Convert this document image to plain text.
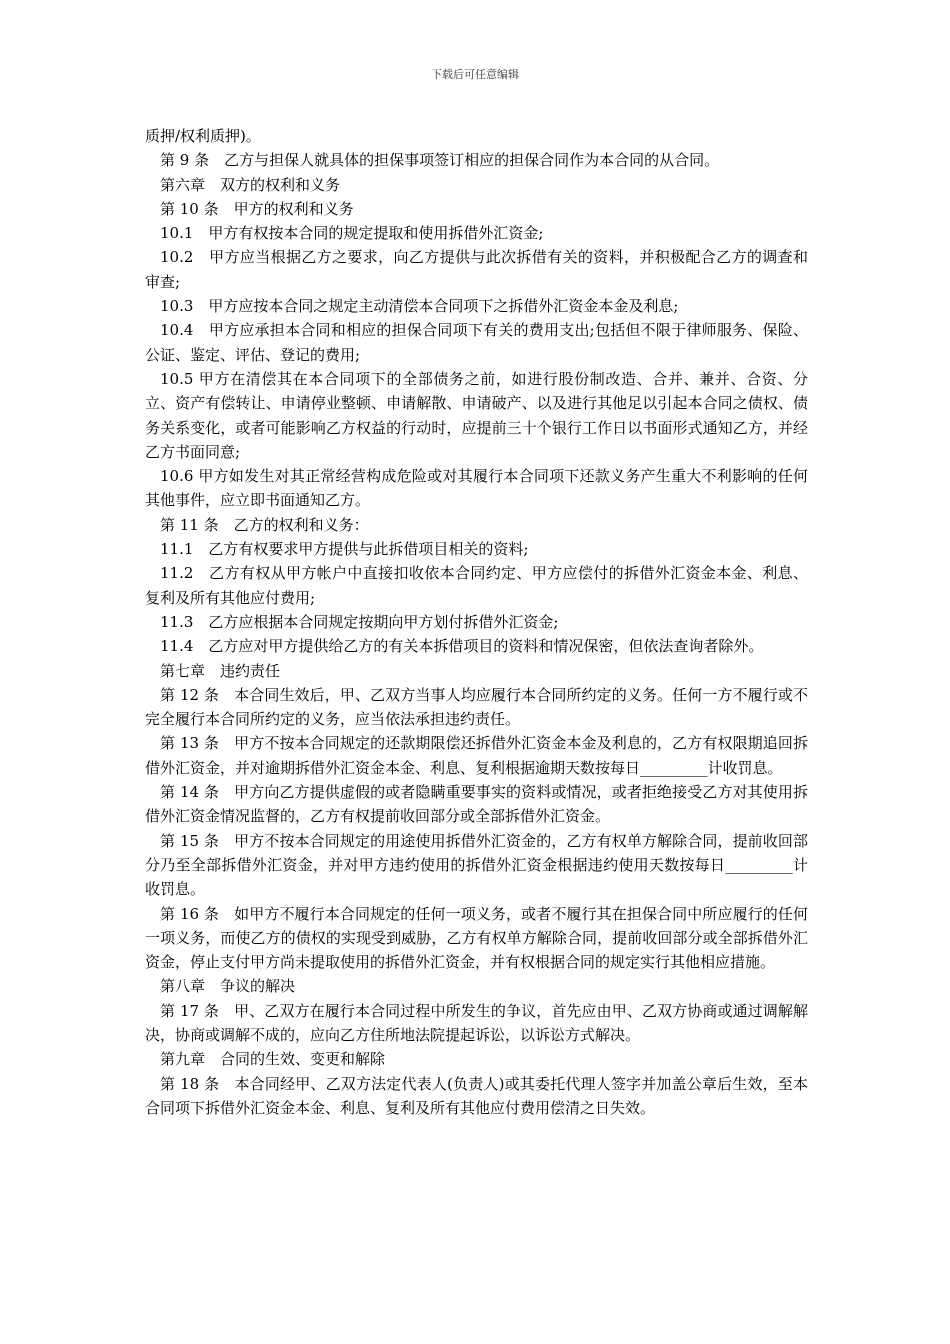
下载后可任意编辑

质押/权利质押)。

第 9 条　乙方与担保人就具体的担保事项签订相应的担保合同作为本合同的从合同。

第六章　双方的权利和义务

第 10 条　甲方的权利和义务

10.1　甲方有权按本合同的规定提取和使用拆借外汇资金;

10.2　甲方应当根据乙方之要求，向乙方提供与此次拆借有关的资料，并积极配合乙方的调查和审查;

10.3　甲方应按本合同之规定主动清偿本合同项下之拆借外汇资金本金及利息;

10.4　甲方应承担本合同和相应的担保合同项下有关的费用支出;包括但不限于律师服务、保险、公证、鉴定、评估、登记的费用;

10.5 甲方在清偿其在本合同项下的全部债务之前，如进行股份制改造、合并、兼并、合资、分立、资产有偿转让、申请停业整顿、申请解散、申请破产、以及进行其他足以引起本合同之债权、债务关系变化，或者可能影响乙方权益的行动时，应提前三十个银行工作日以书面形式通知乙方，并经乙方书面同意;

10.6 甲方如发生对其正常经营构成危险或对其履行本合同项下还款义务产生重大不利影响的任何其他事件，应立即书面通知乙方。

第 11 条　乙方的权利和义务：

11.1　乙方有权要求甲方提供与此拆借项目相关的资料;

11.2　乙方有权从甲方帐户中直接扣收依本合同约定、甲方应偿付的拆借外汇资金本金、利息、复利及所有其他应付费用;

11.3　乙方应根据本合同规定按期向甲方划付拆借外汇资金;

11.4　乙方应对甲方提供给乙方的有关本拆借项目的资料和情况保密，但依法查询者除外。

第七章　违约责任

第 12 条　本合同生效后，甲、乙双方当事人均应履行本合同所约定的义务。任何一方不履行或不完全履行本合同所约定的义务，应当依法承担违约责任。

第 13 条　甲方不按本合同规定的还款期限偿还拆借外汇资金本金及利息的，乙方有权限期追回拆借外汇资金，并对逾期拆借外汇资金本金、利息、复利根据逾期天数按每日_________计收罚息。

第 14 条　甲方向乙方提供虚假的或者隐瞒重要事实的资料或情况，或者拒绝接受乙方对其使用拆借外汇资金情况监督的，乙方有权提前收回部分或全部拆借外汇资金。

第 15 条　甲方不按本合同规定的用途使用拆借外汇资金的，乙方有权单方解除合同，提前收回部分乃至全部拆借外汇资金，并对甲方违约使用的拆借外汇资金根据违约使用天数按每日_________计收罚息。

第 16 条　如甲方不履行本合同规定的任何一项义务，或者不履行其在担保合同中所应履行的任何一项义务，而使乙方的债权的实现受到威胁，乙方有权单方解除合同，提前收回部分或全部拆借外汇资金，停止支付甲方尚未提取使用的拆借外汇资金，并有权根据合同的规定实行其他相应措施。

第八章　争议的解决

第 17 条　甲、乙双方在履行本合同过程中所发生的争议，首先应由甲、乙双方协商或通过调解解决，协商或调解不成的，应向乙方住所地法院提起诉讼，以诉讼方式解决。

第九章　合同的生效、变更和解除

第 18 条　本合同经甲、乙双方法定代表人(负责人)或其委托代理人签字并加盖公章后生效，至本合同项下拆借外汇资金本金、利息、复利及所有其他应付费用偿清之日失效。
